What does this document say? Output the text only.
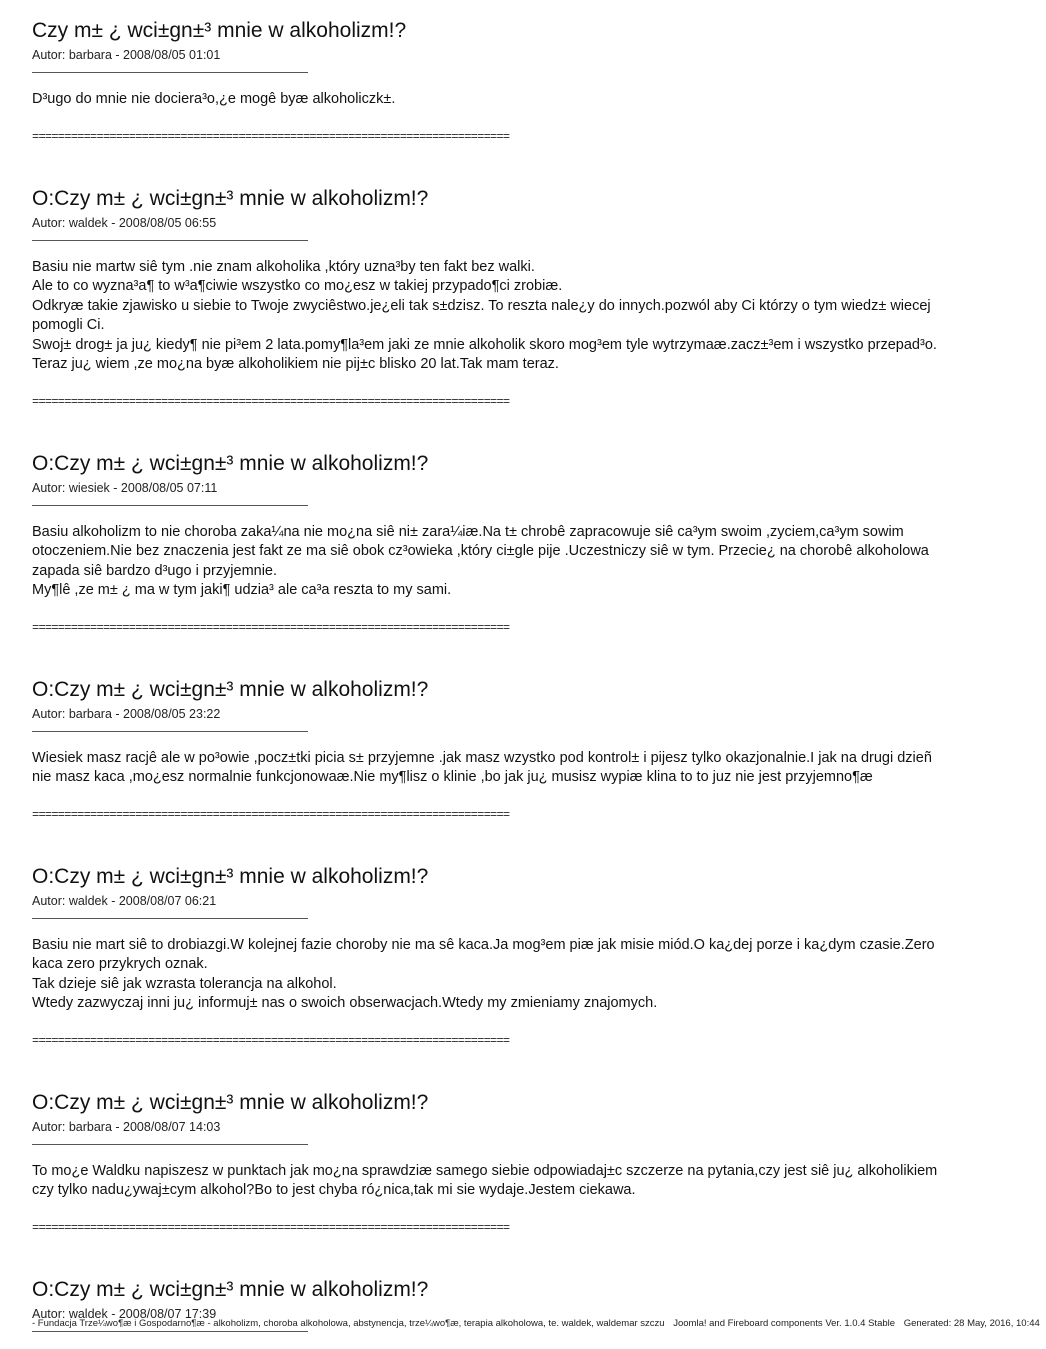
Czy m± ¿ wci±gn±³ mnie w alkoholizm!?
Autor: barbara - 2008/08/05 01:01

D³ugo do mnie nie dociera³o,¿e mogê byæ alkoholiczk±.

==========================================================================
O:Czy m± ¿ wci±gn±³ mnie w alkoholizm!?
Autor: waldek - 2008/08/05 06:55

Basiu nie martw siê tym .nie znam alkoholika ,który uzna³by ten fakt bez walki.

Ale to co wyzna³a¶ to w³a¶ciwie wszystko co mo¿esz w takiej przypado¶ci zrobiæ.

Odkryæ takie zjawisko u siebie to Twoje zwyciêstwo.je¿eli tak s±dzisz. To reszta nale¿y do innych.pozwól aby Ci którzy o tym wiedz± wiecej pomogli Ci.

Swoj± drog± ja ju¿ kiedy¶ nie pi³em 2 lata.pomy¶la³em jaki ze mnie alkoholik skoro mog³em tyle wytrzymaæ.zacz±³em i wszystko przepad³o.

Teraz ju¿ wiem ,ze mo¿na byæ alkoholikiem nie pij±c blisko 20 lat.Tak mam teraz.

==========================================================================
O:Czy m± ¿ wci±gn±³ mnie w alkoholizm!?
Autor: wiesiek - 2008/08/05 07:11

Basiu alkoholizm to nie choroba zaka¼na nie mo¿na siê ni± zara¼iæ.Na t± chrobê zapracowuje siê ca³ym swoim ,zyciem,ca³ym sowim otoczeniem.Nie bez znaczenia jest fakt ze ma siê obok cz³owieka ,który ci±gle pije .Uczestniczy siê w tym. Przecie¿ na chorobê alkoholowa zapada siê bardzo d³ugo i przyjemnie.

My¶lê ,ze m± ¿ ma w tym jaki¶ udzia³ ale ca³a reszta to my sami.

==========================================================================
O:Czy m± ¿ wci±gn±³ mnie w alkoholizm!?
Autor: barbara - 2008/08/05 23:22

Wiesiek masz racjê ale w po³owie ,pocz±tki picia s± przyjemne .jak masz wzystko pod kontrol± i pijesz tylko okazjonalnie.I jak na drugi dzieñ nie masz kaca ,mo¿esz normalnie funkcjonowaæ.Nie my¶lisz o klinie ,bo jak ju¿ musisz wypiæ klina to to juz nie jest przyjemno¶æ

==========================================================================
O:Czy m± ¿ wci±gn±³ mnie w alkoholizm!?
Autor: waldek - 2008/08/07 06:21

Basiu nie mart siê to drobiazgi.W kolejnej fazie choroby nie ma sê kaca.Ja mog³em piæ jak misie miód.O ka¿dej porze i ka¿dym czasie.Zero kaca zero przykrych oznak.

Tak dzieje siê jak wzrasta tolerancja na alkohol.

Wtedy zazwyczaj inni ju¿ informuj± nas o swoich obserwacjach.Wtedy my zmieniamy znajomych.

==========================================================================
O:Czy m± ¿ wci±gn±³ mnie w alkoholizm!?
Autor: barbara - 2008/08/07 14:03

To mo¿e Waldku napiszesz w punktach jak mo¿na sprawdziæ samego siebie odpowiadaj±c szczerze na pytania,czy jest siê ju¿ alkoholikiem czy tylko nadu¿ywaj±cym alkohol?Bo to jest chyba ró¿nica,tak mi sie wydaje.Jestem ciekawa.

==========================================================================
O:Czy m± ¿ wci±gn±³ mnie w alkoholizm!?
Autor: waldek - 2008/08/07 17:39
- Fundacja Trze¼wo¶æ i Gospodarno¶æ - alkoholizm, choroba alkoholowa, abstynencja, trze¼wo¶æ, terapia alkoholowa, te. waldek, waldemar szczu Joomla! and Fireboard components Ver. 1.0.4 Stable Generated: 28 May, 2016, 10:44
